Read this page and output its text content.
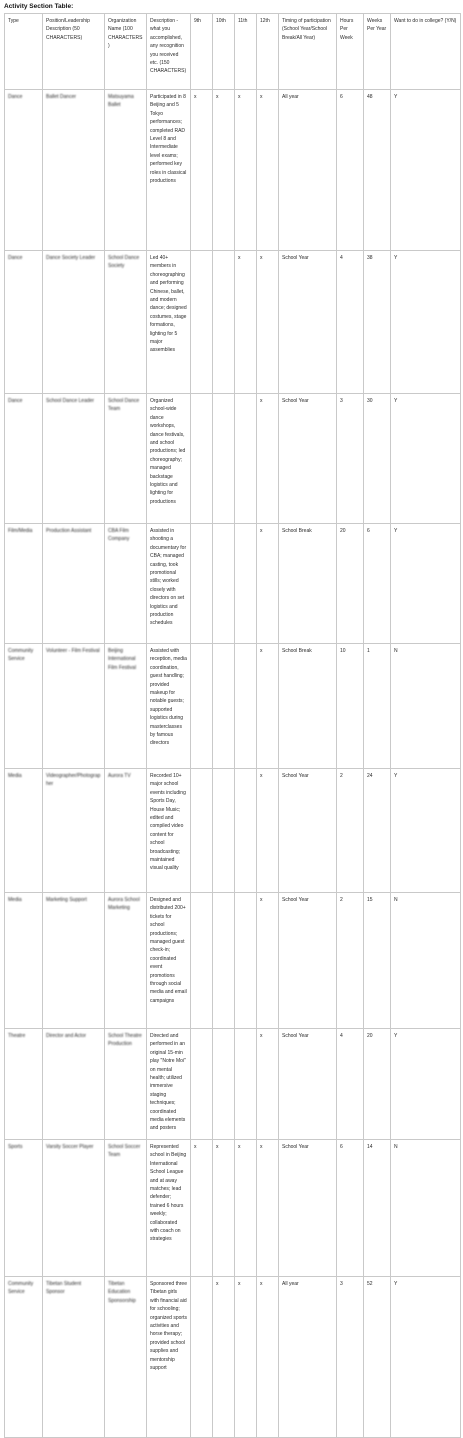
Activity Section Table:
Type	Position/Leadership Description (50 CHARACTERS)	Organization Name (100 CHARACTERS)	Description - what you accomplished, any recognition you received etc. (150 CHARACTERS)	9th	10th	11th	12th	Timing of participation (School Year/School Break/All Year)	Hours Per Week	Weeks Per Year	Want to do in college? (Y/N)
Dance	Ballet Dancer	Matsuyama Ballet	Participated in 8 Beijing and 5 Tokyo performances; completed RAD Level 8 and Intermediate level exams; performed key roles in classical productions	x	x	x	x	All year	6	48	Y
Dance	Dance Society Leader	School Dance Society	Led 40+ members in choreographing and performing Chinese, ballet, and modern dance; designed costumes, stage formations, lighting for 5 major assemblies			x	x	School Year	4	38	Y
Dance	School Dance Leader	School Dance Team	Organized school-wide dance workshops, dance festivals, and school productions; led choreography; managed backstage logistics and lighting for productions				x	School Year	3	30	Y
Film/Media	Production Assistant	CBA Film Company	Assisted in shooting a documentary for CBA; managed casting, took promotional stills; worked closely with directors on set logistics and production schedules				x	School Break	20	6	Y
Community Service	Volunteer - Film Festival	Beijing International Film Festival	Assisted with reception, media coordination, guest handling; provided makeup for notable guests; supported logistics during masterclasses by famous directors				x	School Break	10	1	N
Media	Videographer/Photographer	Aurora TV	Recorded 10+ major school events including Sports Day, House Music; edited and compiled video content for school broadcasting; maintained visual quality				x	School Year	2	24	Y
Media	Marketing Support	Aurora School Marketing	Designed and distributed 200+ tickets for school productions; managed guest check-in; coordinated event promotions through social media and email campaigns				x	School Year	2	15	N
Theatre	Director and Actor	School Theatre Production	Directed and performed in an original 15-min play "Notre Moi" on mental health; utilized immersive staging techniques; coordinated media elements and posters				x	School Year	4	20	Y
Sports	Varsity Soccer Player	School Soccer Team	Represented school in Beijing International School League and at away matches; lead defender; trained 6 hours weekly; collaborated with coach on strategies	x	x	x	x	School Year	6	14	N
Community Service	Tibetan Student Sponsor	Tibetan Education Sponsorship	Sponsored three Tibetan girls with financial aid for schooling; organized sports activities and horse therapy; provided school supplies and mentorship support		x	x	x	All year	3	52	Y
